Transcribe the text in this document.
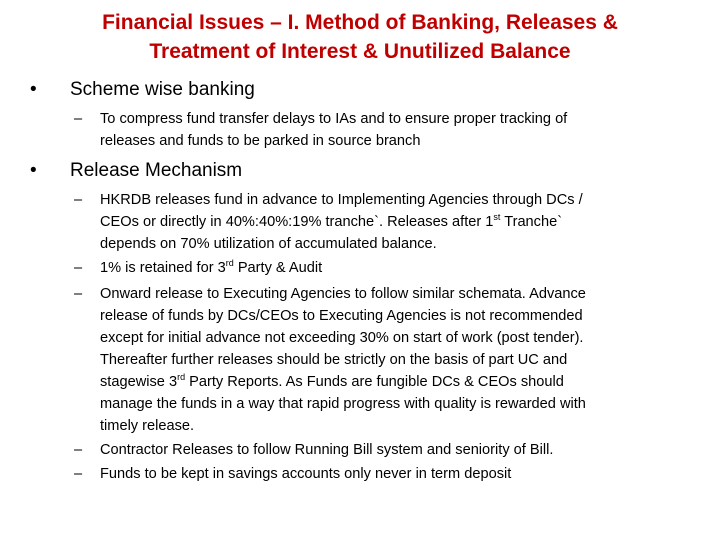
Financial Issues – I. Method of Banking, Releases &
Treatment of Interest & Unutilized Balance
• Scheme wise banking
–	To compress fund transfer delays to IAs and to ensure proper tracking of
releases and funds to be parked in source branch
• Release Mechanism
–	HKRDB releases fund in advance to Implementing Agencies through DCs /
CEOs or directly in 40%:40%:19% tranche`. Releases after 1st Tranche`
depends on 70% utilization of accumulated balance.
–	1% is retained for 3rd Party & Audit
–	Onward release to Executing Agencies to follow similar schemata. Advance
release of funds by DCs/CEOs to Executing Agencies is not recommended
except for initial advance not exceeding 30% on start of work (post tender).
Thereafter further releases should be strictly on the basis of part UC and
stagewise 3rd Party Reports. As Funds are fungible DCs & CEOs should
manage the funds in a way that rapid progress with quality is rewarded with
timely release.
–	Contractor Releases to follow Running Bill system and seniority of Bill.
–	Funds to be kept in savings accounts only never in term deposit
